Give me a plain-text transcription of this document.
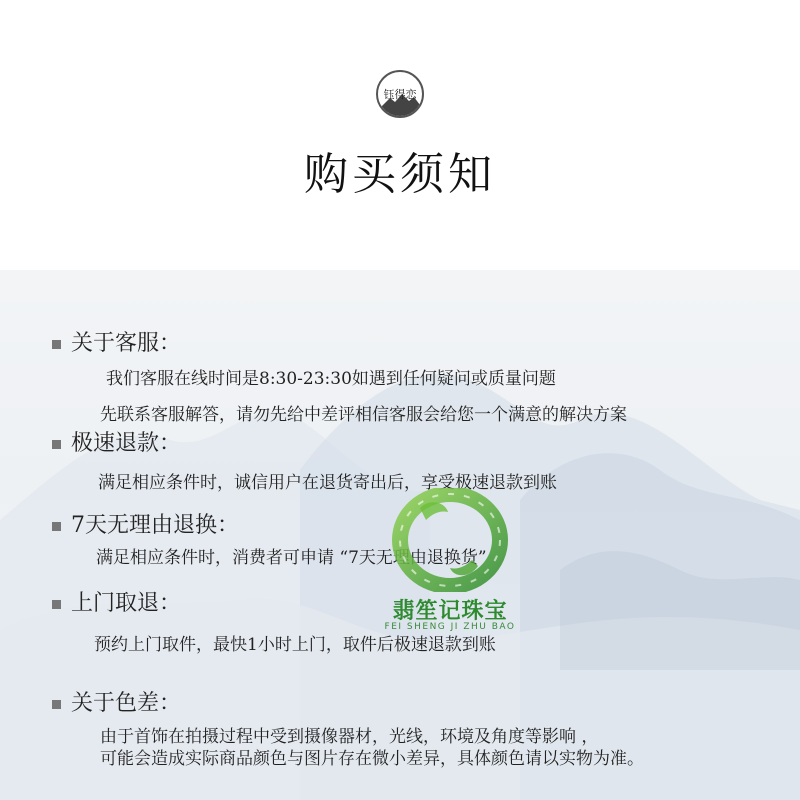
钰得恋
购买须知
关于客服：
我们客服在线时间是8:30-23:30如遇到任何疑问或质量问题
先联系客服解答，请勿先给中差评相信客服会给您一个满意的解决方案
极速退款：
满足相应条件时，诚信用户在退货寄出后，享受极速退款到账
7天无理由退换：
满足相应条件时，消费者可申请 “7天无理由退换货”
上门取退：
预约上门取件，最快1小时上门，取件后极速退款到账
关于色差：
由于首饰在拍摄过程中受到摄像器材，光线，环境及角度等影响 ，
可能会造成实际商品颜色与图片存在微小差异，具体颜色请以实物为准。
翡笙记珠宝
FEI SHENG JI ZHU BAO
